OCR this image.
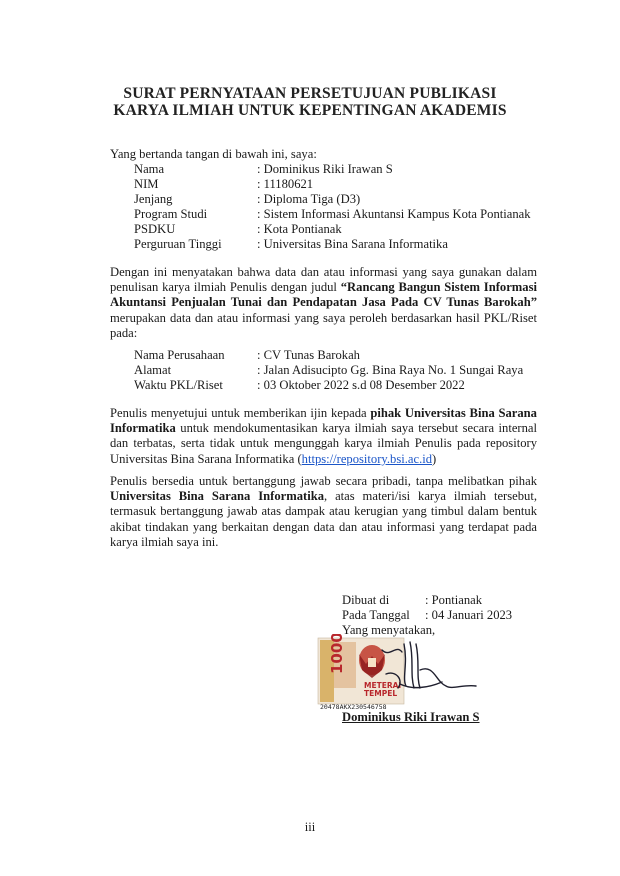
SURAT PERNYATAAN PERSETUJUAN PUBLIKASI
KARYA ILMIAH UNTUK KEPENTINGAN AKADEMIS
Yang bertanda tangan di bawah ini, saya:
Nama	: Dominikus Riki Irawan S
NIM	: 11180621
Jenjang	: Diploma Tiga (D3)
Program Studi	: Sistem Informasi Akuntansi Kampus Kota Pontianak
PSDKU	: Kota Pontianak
Perguruan Tinggi	: Universitas Bina Sarana Informatika
Dengan ini menyatakan bahwa data dan atau informasi yang saya gunakan dalam penulisan karya ilmiah Penulis dengan judul “Rancang Bangun Sistem Informasi Akuntansi Penjualan Tunai dan Pendapatan Jasa Pada CV Tunas Barokah” merupakan data dan atau informasi yang saya peroleh berdasarkan hasil PKL/Riset pada:
Nama Perusahaan	: CV Tunas Barokah
Alamat	: Jalan Adisucipto Gg. Bina Raya No. 1 Sungai Raya
Waktu PKL/Riset	: 03 Oktober 2022 s.d 08 Desember 2022
Penulis menyetujui untuk memberikan ijin kepada pihak Universitas Bina Sarana Informatika untuk mendokumentasikan karya ilmiah saya tersebut secara internal dan terbatas, serta tidak untuk mengunggah karya ilmiah Penulis pada repository Universitas Bina Sarana Informatika (https://repository.bsi.ac.id)
Penulis bersedia untuk bertanggung jawab secara pribadi, tanpa melibatkan pihak Universitas Bina Sarana Informatika, atas materi/isi karya ilmiah tersebut, termasuk bertanggung jawab atas dampak atau kerugian yang timbul dalam bentuk akibat tindakan yang berkaitan dengan data dan atau informasi yang terdapat pada karya ilmiah saya ini.
Dibuat di	: Pontianak
Pada Tanggal : 04 Januari 2023
Yang menyatakan,
10000
METERAI
TEMPEL
20478AKX230546758
Dominikus Riki Irawan S
iii
